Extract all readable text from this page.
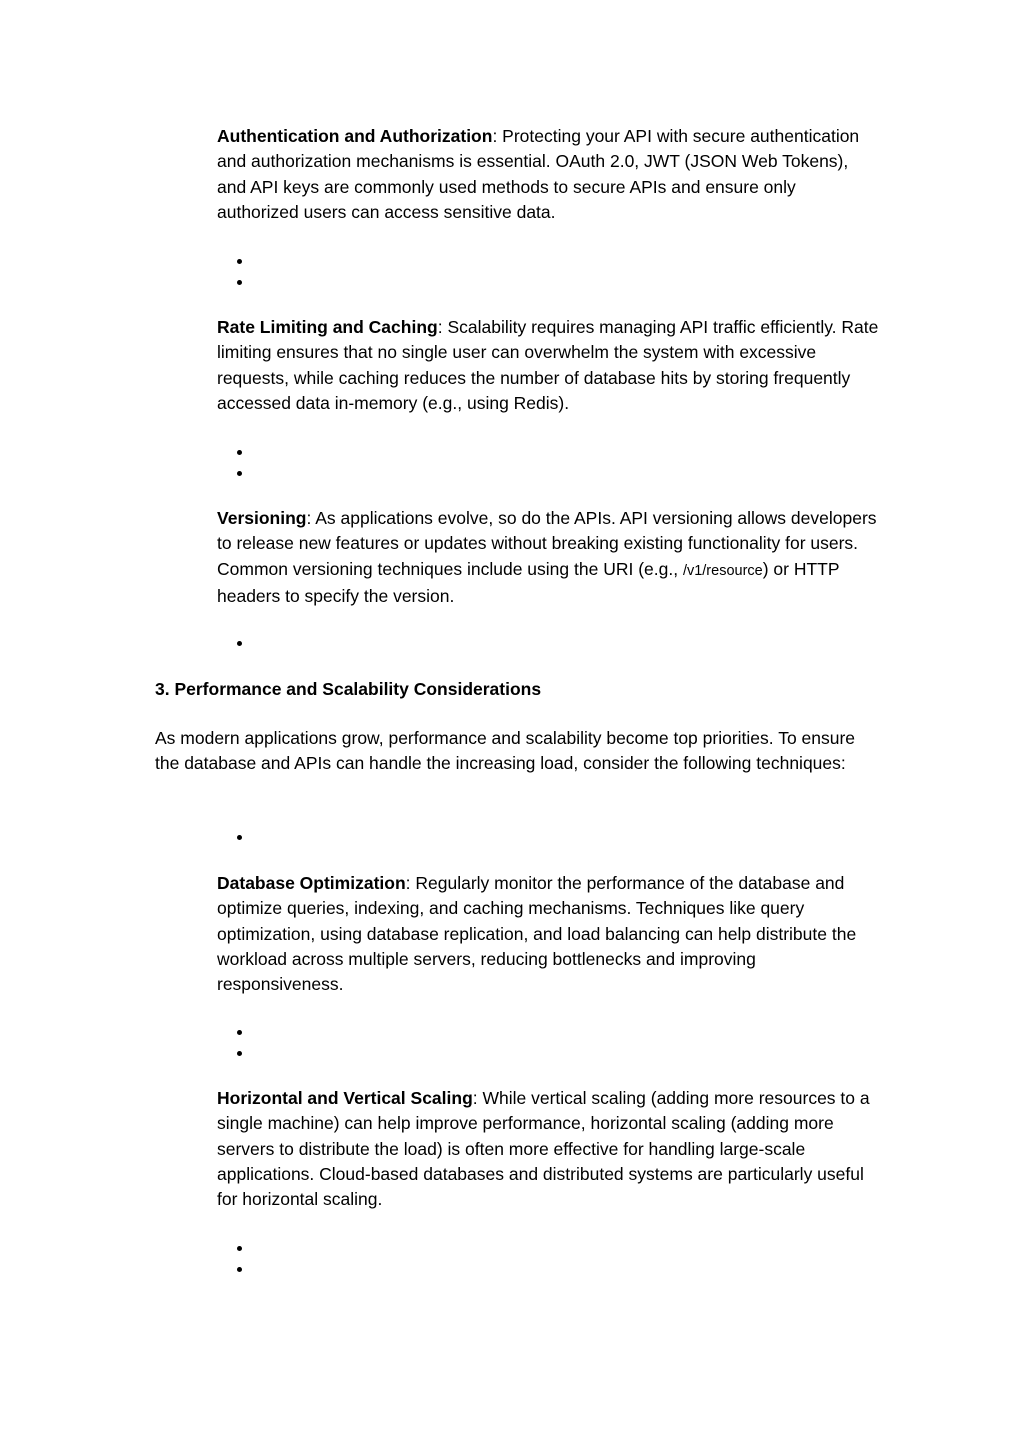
Authentication and Authorization: Protecting your API with secure authentication and authorization mechanisms is essential. OAuth 2.0, JWT (JSON Web Tokens), and API keys are commonly used methods to secure APIs and ensure only authorized users can access sensitive data.

Rate Limiting and Caching: Scalability requires managing API traffic efficiently. Rate limiting ensures that no single user can overwhelm the system with excessive requests, while caching reduces the number of database hits by storing frequently accessed data in-memory (e.g., using Redis).

Versioning: As applications evolve, so do the APIs. API versioning allows developers to release new features or updates without breaking existing functionality for users. Common versioning techniques include using the URI (e.g., /v1/resource) or HTTP headers to specify the version.

3. Performance and Scalability Considerations

As modern applications grow, performance and scalability become top priorities. To ensure the database and APIs can handle the increasing load, consider the following techniques:

Database Optimization: Regularly monitor the performance of the database and optimize queries, indexing, and caching mechanisms. Techniques like query optimization, using database replication, and load balancing can help distribute the workload across multiple servers, reducing bottlenecks and improving responsiveness.

Horizontal and Vertical Scaling: While vertical scaling (adding more resources to a single machine) can help improve performance, horizontal scaling (adding more servers to distribute the load) is often more effective for handling large-scale applications. Cloud-based databases and distributed systems are particularly useful for horizontal scaling.
